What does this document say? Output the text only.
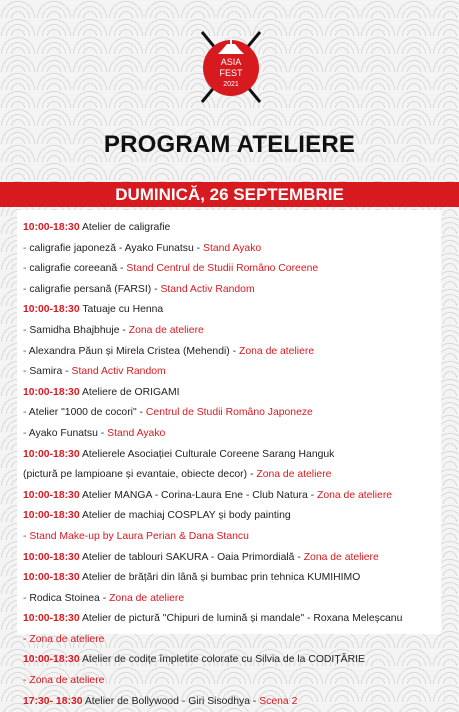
ASIA
FEST
2021
PROGRAM ATELIERE
DUMINICĂ, 26 SEPTEMBRIE
10:00-18:30 Atelier de caligrafie
- caligrafie japoneză - Ayako Funatsu - Stand Ayako
- caligrafie coreeană - Stand Centrul de Studii Româno Coreene
- caligrafie persană (FARSI) - Stand Activ Random
10:00-18:30 Tatuaje cu Henna
- Samidha Bhajbhuje - Zona de ateliere
- Alexandra Păun și Mirela Cristea (Mehendi) - Zona de ateliere
- Samira - Stand Activ Random
10:00-18:30 Ateliere de ORIGAMI
- Atelier "1000 de cocori" - Centrul de Studii Româno Japoneze
- Ayako Funatsu - Stand Ayako
10:00-18:30 Atelierele Asociației Culturale Coreene Sarang Hanguk
(pictură pe lampioane și evantaie, obiecte decor) - Zona de ateliere
10:00-18:30 Atelier MANGA - Corina-Laura Ene - Club Natura - Zona de ateliere
10:00-18:30 Atelier de machiaj COSPLAY și body painting
- Stand Make-up by Laura Perian & Dana Stancu
10:00-18:30 Atelier de tablouri SAKURA - Oaia Primordială - Zona de ateliere
10:00-18:30 Atelier de brățări din lână și bumbac prin tehnica KUMIHIMO
- Rodica Stoinea - Zona de ateliere
10:00-18:30 Atelier de pictură "Chipuri de lumină și mandale" - Roxana Meleșcanu
- Zona de ateliere
10:00-18:30 Atelier de codițe împletite colorate cu Silvia de la CODIȚĂRIE
- Zona de ateliere
17:30- 18:30 Atelier de Bollywood - Giri Sisodhya - Scena 2
